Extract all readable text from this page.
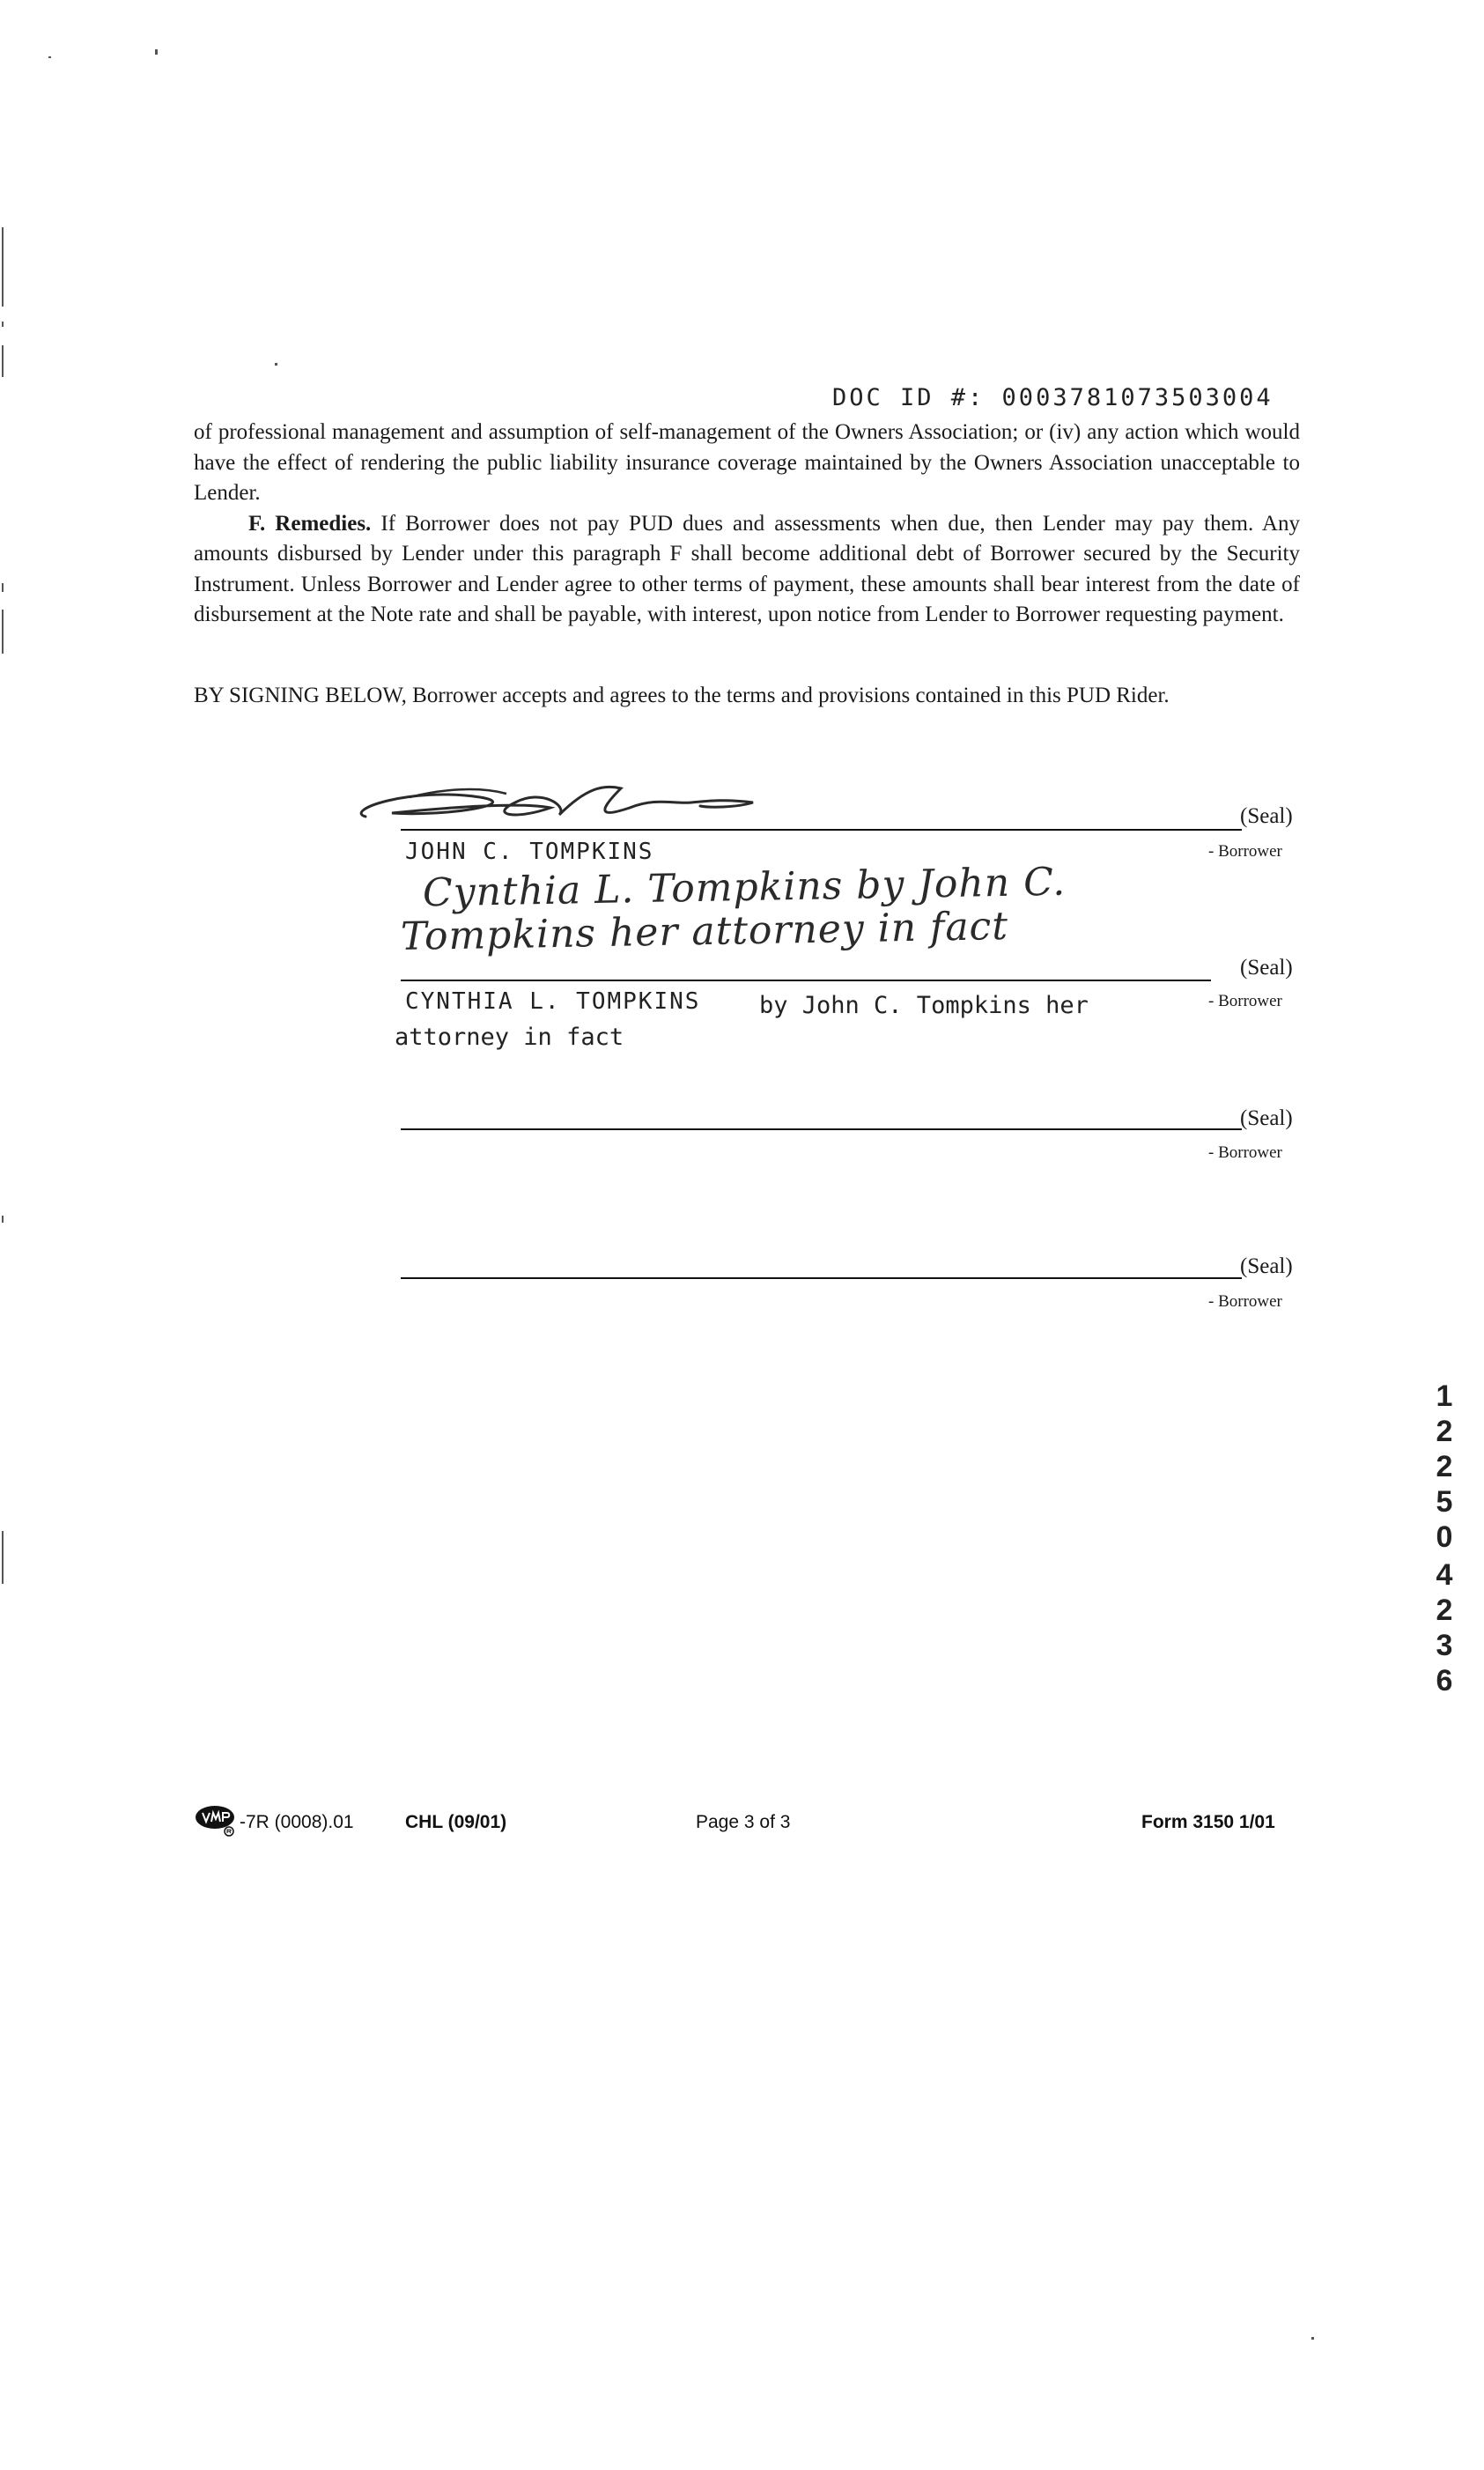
DOC ID #: 0003781073503004

of professional management and assumption of self-management of the Owners Association; or (iv) any action which would have the effect of rendering the public liability insurance coverage maintained by the Owners Association unacceptable to Lender.

F. Remedies. If Borrower does not pay PUD dues and assessments when due, then Lender may pay them. Any amounts disbursed by Lender under this paragraph F shall become additional debt of Borrower secured by the Security Instrument. Unless Borrower and Lender agree to other terms of payment, these amounts shall bear interest from the date of disbursement at the Note rate and shall be payable, with interest, upon notice from Lender to Borrower requesting payment.

BY SIGNING BELOW, Borrower accepts and agrees to the terms and provisions contained in this PUD Rider.
(Seal)
JOHN C. TOMPKINS	- Borrower
Cynthia L. Tompkins by John C.
Tompkins her attorney in fact
(Seal)
CYNTHIA L. TOMPKINS by John C. Tompkins her
attorney in fact
- Borrower
(Seal)
- Borrower
(Seal)
- Borrower
1
2
2
5
0
4
2
3
6
-7R (0008).01	CHL (09/01)	Page 3 of 3	Form 3150 1/01
